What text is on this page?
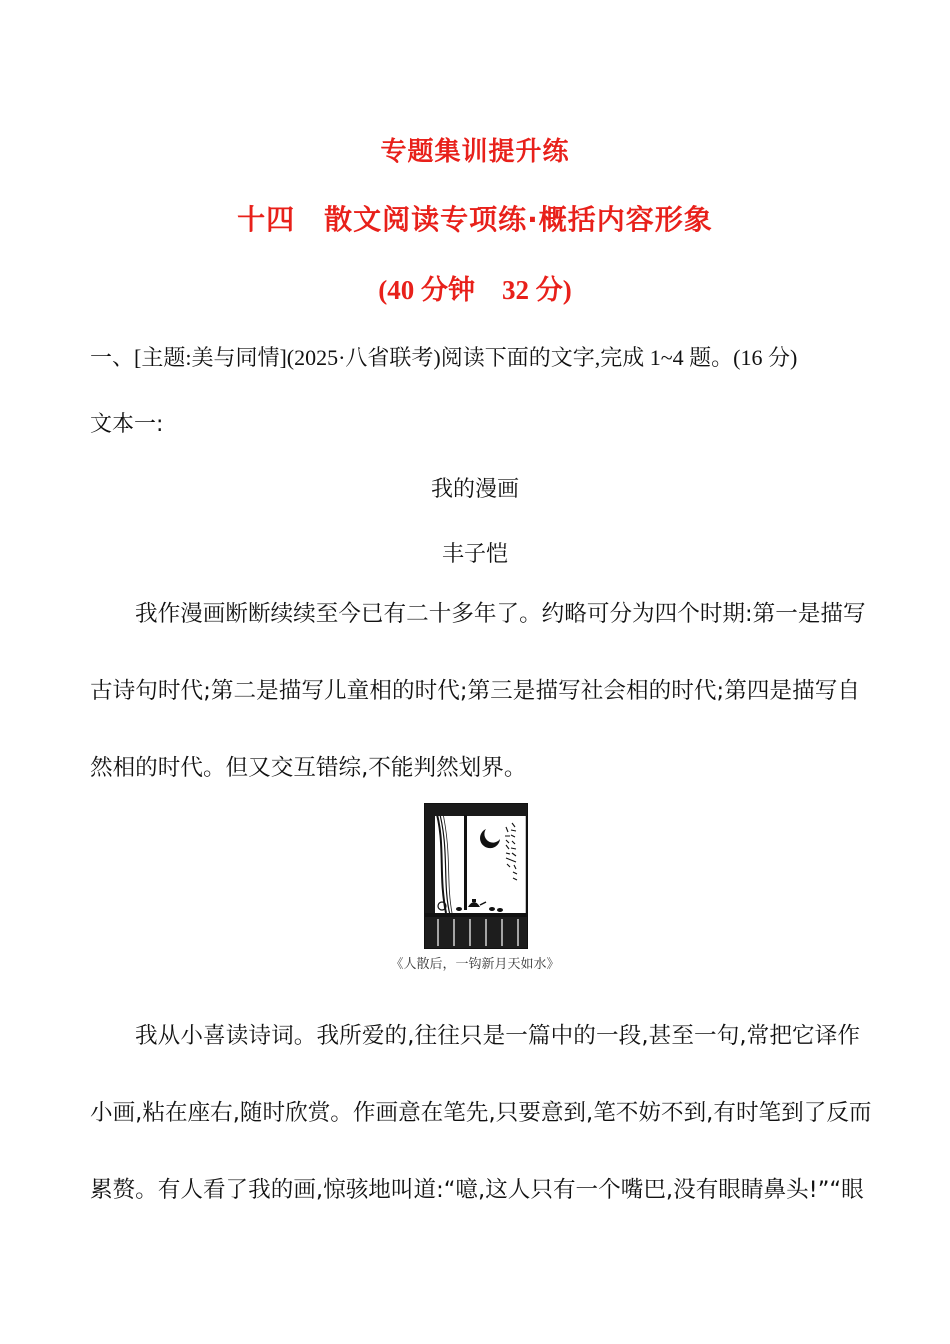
专题集训提升练
十四　散文阅读专项练·概括内容形象
(40 分钟　32 分)
一、[主题:美与同情](2025·八省联考)阅读下面的文字,完成 1~4 题。(16 分)
文本一:
我的漫画
丰子恺
我作漫画断断续续至今已有二十多年了。约略可分为四个时期:第一是描写
古诗句时代;第二是描写儿童相的时代;第三是描写社会相的时代;第四是描写自
然相的时代。但又交互错综,不能判然划界。
《人散后，一钩新月天如水》
我从小喜读诗词。我所爱的,往往只是一篇中的一段,甚至一句,常把它译作
小画,粘在座右,随时欣赏。作画意在笔先,只要意到,笔不妨不到,有时笔到了反而
累赘。有人看了我的画,惊骇地叫道:“噫,这人只有一个嘴巴,没有眼睛鼻头!”“眼
